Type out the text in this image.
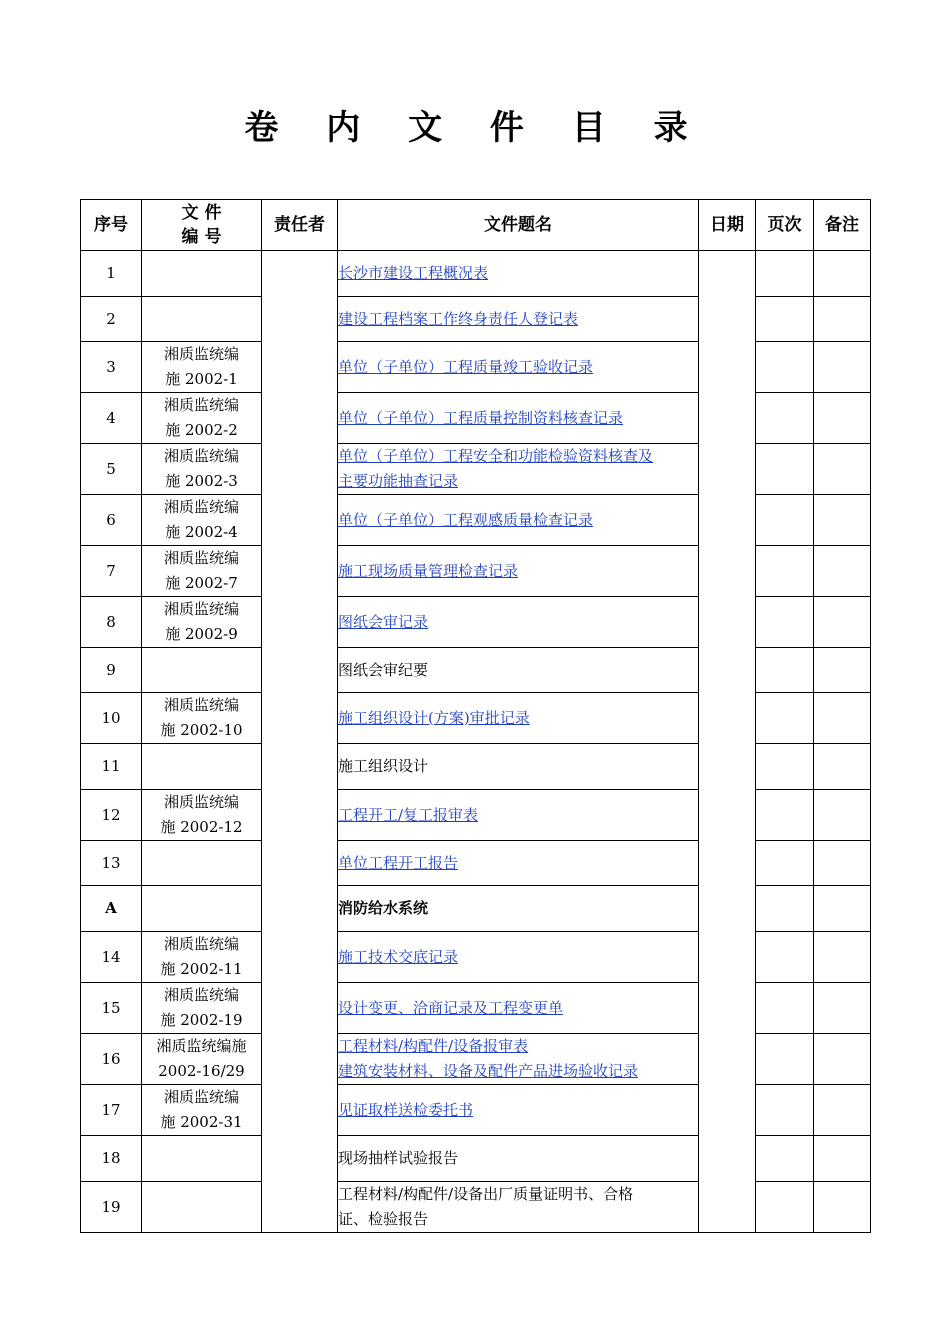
卷 内 文 件 目 录
序号	文 件
编 号	责任者	文件题名	日期	页次	备注
1			长沙市建设工程概况表			

2			建设工程档案工作终身责任人登记表			

3	湘质监统编
施 2002-1		单位（子单位）工程质量竣工验收记录			

4	湘质监统编
施 2002-2		单位（子单位）工程质量控制资料核查记录			

5	湘质监统编
施 2002-3		单位（子单位）工程安全和功能检验资料核查及
主要功能抽查记录			

6	湘质监统编
施 2002-4		单位（子单位）工程观感质量检查记录			

7	湘质监统编
施 2002-7		施工现场质量管理检查记录			

8	湘质监统编
施 2002-9		图纸会审记录			

9			图纸会审纪要			

10	湘质监统编
施 2002-10		施工组织设计(方案)审批记录			

11			施工组织设计			

12	湘质监统编
施 2002-12		工程开工/复工报审表			

13			单位工程开工报告			

A			消防给水系统			

14	湘质监统编
施 2002-11		施工技术交底记录			

15	湘质监统编
施 2002-19		设计变更、洽商记录及工程变更单			

16	湘质监统编施
2002-16/29		工程材料/构配件/设备报审表
建筑安装材料、设备及配件产品进场验收记录			

17	湘质监统编
施 2002-31		见证取样送检委托书			

18			现场抽样试验报告			

19			工程材料/构配件/设备出厂质量证明书、合格
证、检验报告			
